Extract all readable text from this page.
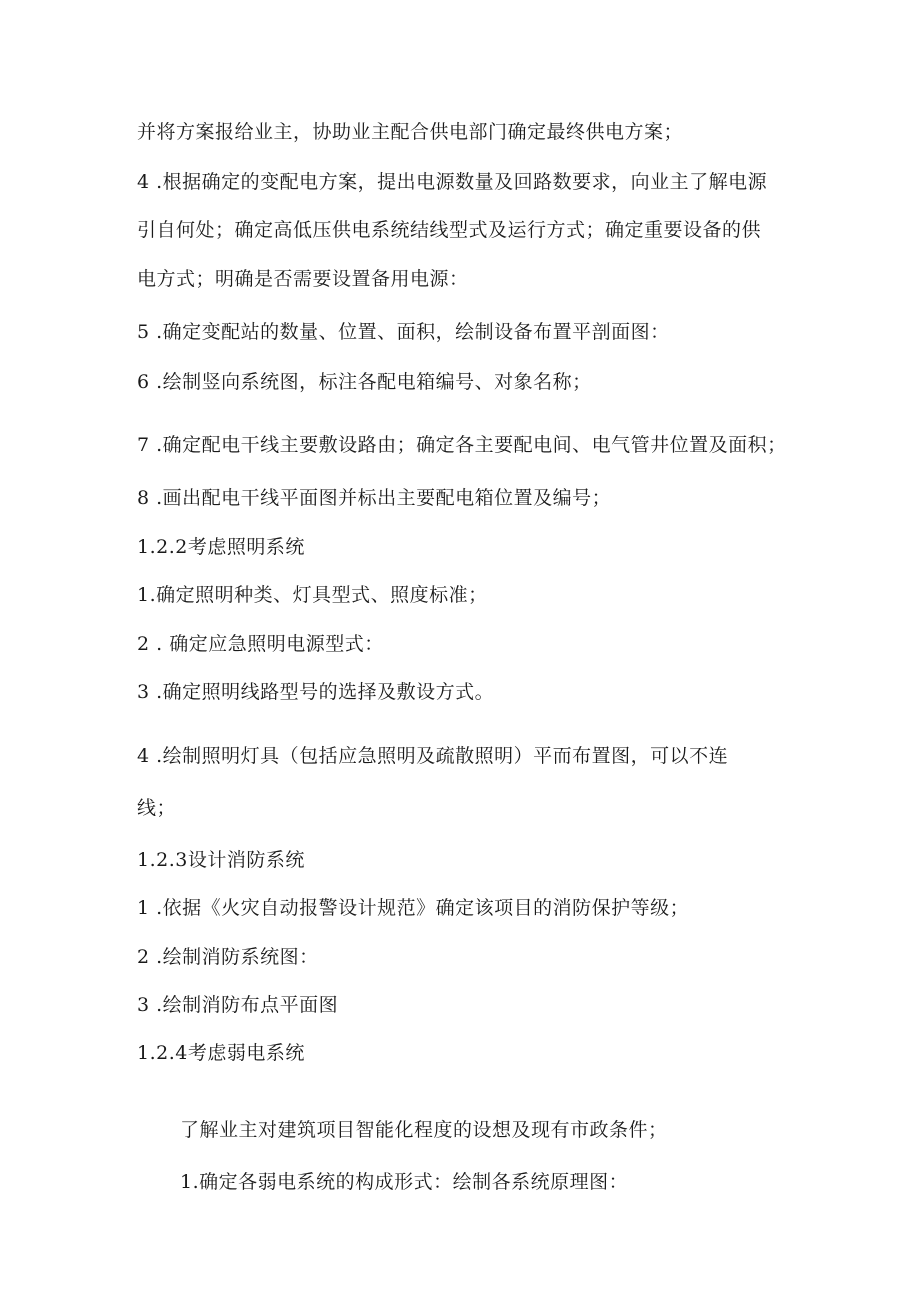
并将方案报给业主，协助业主配合供电部门确定最终供电方案；
4 .根据确定的变配电方案，提出电源数量及回路数要求，向业主了解电源
引自何处；确定高低压供电系统结线型式及运行方式；确定重要设备的供
电方式；明确是否需要设置备用电源：
5 .确定变配站的数量、位置、面积，绘制设备布置平剖面图：
6 .绘制竖向系统图，标注各配电箱编号、对象名称；
7 .确定配电干线主要敷设路由；确定各主要配电间、电气管井位置及面积；
8 .画出配电干线平面图并标出主要配电箱位置及编号；
1.2.2考虑照明系统
1.确定照明种类、灯具型式、照度标准；
2 . 确定应急照明电源型式：
3 .确定照明线路型号的选择及敷设方式。
4 .绘制照明灯具（包括应急照明及疏散照明）平而布置图，可以不连
线；
1.2.3设计消防系统
1 .依据《火灾自动报警设计规范》确定该项目的消防保护等级；
2 .绘制消防系统图：
3 .绘制消防布点平面图
1.2.4考虑弱电系统
了解业主对建筑项目智能化程度的设想及现有市政条件；
1.确定各弱电系统的构成形式：绘制各系统原理图：
